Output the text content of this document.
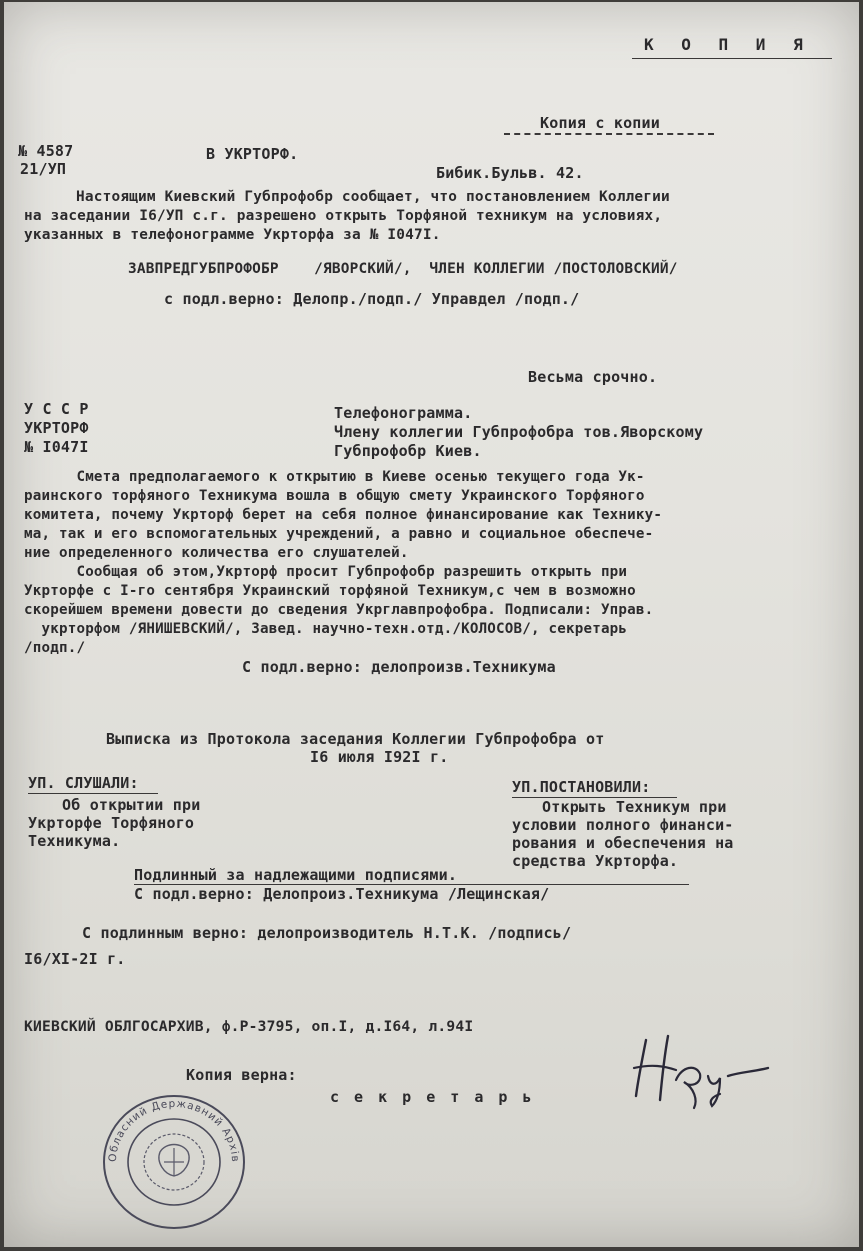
К О П И Я
Копия с копии
№ 4587
21/УП
В УКРТОРФ.
Бибик.Бульв. 42.
Настоящим Киевский Губпрофобр сообщает, что постановлением Коллегии
на заседании I6/УП с.г. разрешено открыть Торфяной техникум на условиях,
указанных в телефонограмме Укрторфа за № I047I.
ЗАВПРЕДГУБПРОФОБР    /ЯВОРСКИЙ/,  ЧЛЕН КОЛЛЕГИИ /ПОСТОЛОВСКИЙ/
с подл.верно: Делопр./подп./ Управдел /подп./
Весьма срочно.
У С С Р
УКРТОРФ
№ I047I
Телефонограмма.
Члену коллегии Губпрофобра тов.Яворскому
Губпрофобр Киев.
Смета предполагаемого к открытию в Киеве осенью текущего года Ук-
раинского торфяного Техникума вошла в общую смету Украинского Торфяного
комитета, почему Укрторф берет на себя полное финансирование как Технику-
ма, так и его вспомогательных учреждений, а равно и социальное обеспече-
ние определенного количества его слушателей.
Сообщая об этом,Укрторф просит Губпрофобр разрешить открыть при
Укрторфе с I-го сентября Украинский торфяной Техникум,с чем в возможно
скорейшем времени довести до сведения Укрглавпрофобра. Подписали: Управ.
укрторфом /ЯНИШЕВСКИЙ/, Завед. научно-техн.отд./КОЛОСОВ/, секретарь
/подп./
С подл.верно: делопроизв.Техникума
Выписка из Протокола заседания Коллегии Губпрофобра от
I6 июля I92I г.
УП. СЛУШАЛИ:
Об открытии при
Укрторфе Торфяного
Техникума.
УП.ПОСТАНОВИЛИ:
Открыть Техникум при
условии полного финанси-
рования и обеспечения на
средства Укрторфа.
Подлинный за надлежащими подписями.
С подл.верно: Делопроиз.Техникума /Лещинская/
С подлинным верно: делопроизводитель Н.Т.К. /подпись/
I6/XI-2I г.
КИЕВСКИЙ ОБЛГОСАРХИВ, ф.Р-3795, оп.I, д.I64, л.94I
Копия верна:
с е к р е т а р ь
Обласний Державний Архів
